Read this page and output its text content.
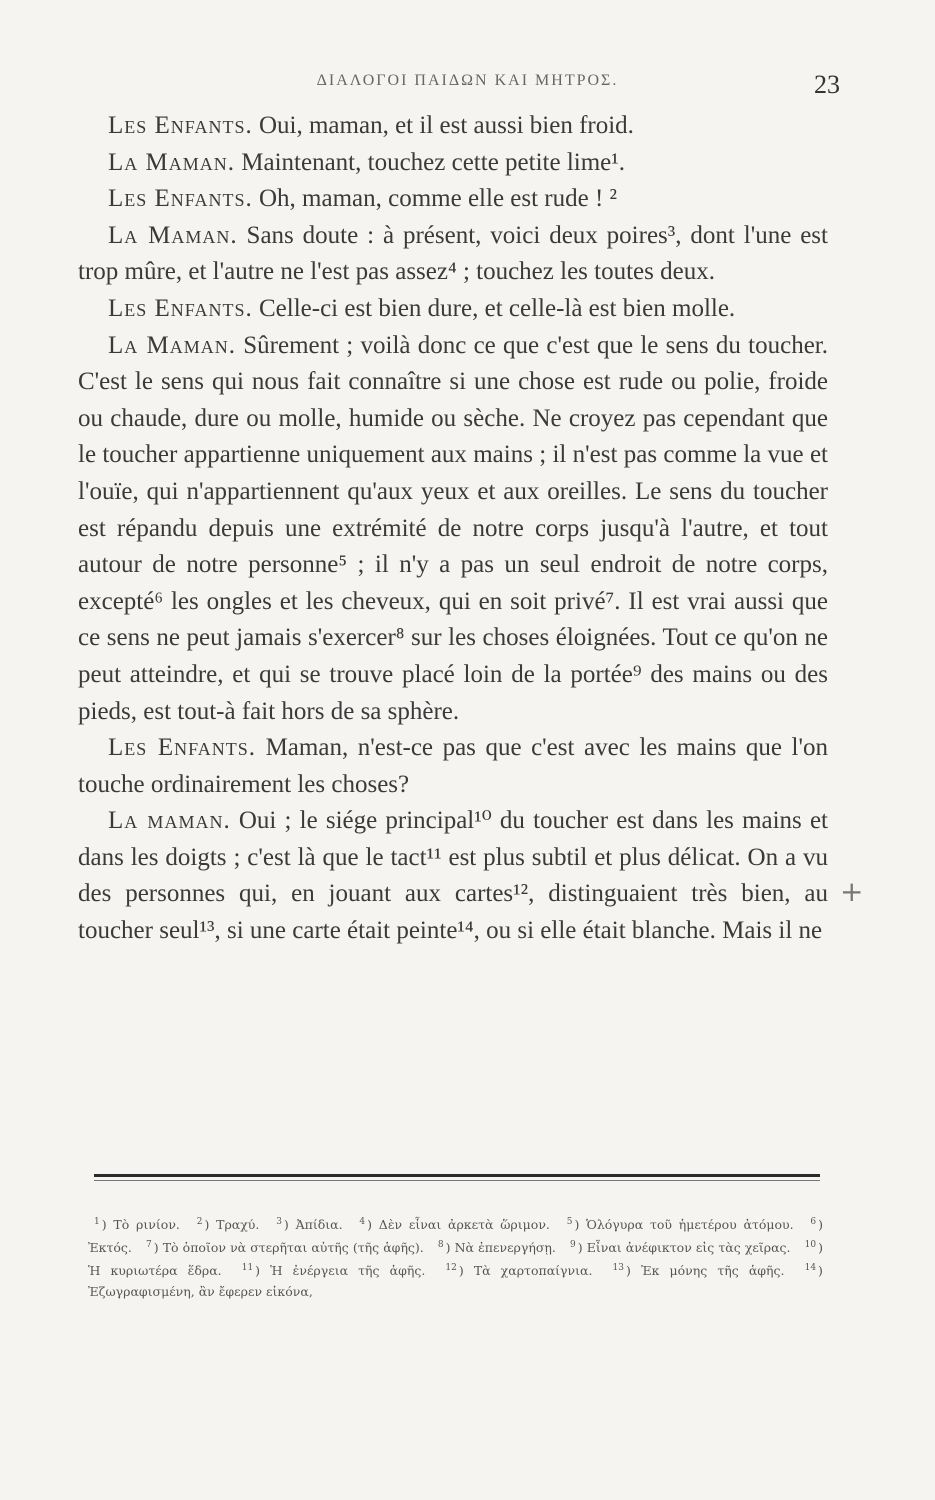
ΔΙΑΛΟΓΟΙ ΠΑΙΔΩΝ ΚΑΙ ΜΗΤΡΟΣ.	23

Les Enfants. Oui, maman, et il est aussi bien froid.

La Maman. Maintenant, touchez cette petite lime¹.

Les Enfants. Oh, maman, comme elle est rude ! ²

La Maman. Sans doute : à présent, voici deux poires³, dont l'une est trop mûre, et l'autre ne l'est pas assez⁴ ; touchez les toutes deux.

Les Enfants. Celle-ci est bien dure, et celle-là est bien molle.

La Maman. Sûrement ; voilà donc ce que c'est que le sens du toucher. C'est le sens qui nous fait connaître si une chose est rude ou polie, froide ou chaude, dure ou molle, humide ou sèche. Ne croyez pas cependant que le toucher appartienne uniquement aux mains ; il n'est pas comme la vue et l'ouïe, qui n'appartiennent qu'aux yeux et aux oreilles. Le sens du toucher est répandu depuis une extrémité de notre corps jusqu'à l'autre, et tout autour de notre personne⁵ ; il n'y a pas un seul endroit de notre corps, excepté⁶ les ongles et les cheveux, qui en soit privé⁷. Il est vrai aussi que ce sens ne peut jamais s'exercer⁸ sur les choses éloignées. Tout ce qu'on ne peut atteindre, et qui se trouve placé loin de la portée⁹ des mains ou des pieds, est tout-à fait hors de sa sphère.

Les Enfants. Maman, n'est-ce pas que c'est avec les mains que l'on touche ordinairement les choses?

La maman. Oui ; le siége principal¹⁰ du toucher est dans les mains et dans les doigts ; c'est là que le tact¹¹ est plus subtil et plus délicat. On a vu des personnes qui, en jouant aux cartes¹², distinguaient très bien, au toucher seul¹³, si une carte était peinte¹⁴, ou si elle était blanche. Mais il ne

+
$^1$ ) Τὸ ρινίον. $^2$ ) Τραχύ. $^3$ ) Ἀπίδια. $^4$ ) Δὲν εἶναι ἀρκετὰ ὥριμον. $^5$ ) Ὁλόγυρα τοῦ ἡμετέρου ἀτόμου. $^6$ ) Ἐκτός. $^7$ ) Τὸ ὁποῖον νὰ στερῆται αὐτῆς (τῆς ἁφῆς). $^8$ ) Νὰ ἐπενεργήσῃ. $^9$ ) Εἶναι ἀνέφικτον εἰς τὰς χεῖρας. $^{10}$ ) Ἡ κυριωτέρα ἕδρα. $^{11}$ ) Ἡ ἐνέργεια τῆς ἁφῆς. $^{12}$ ) Τὰ χαρτοπαίγνια. $^{13}$ ) Ἐκ μόνης τῆς ἁφῆς. $^{14}$ ) Ἐζωγραφισμένη, ἂν ἔφερεν εἰκόνα,
